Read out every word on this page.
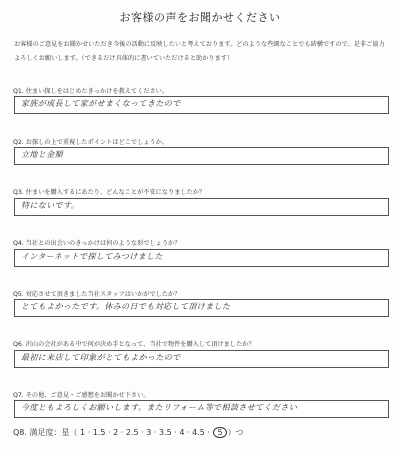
お客様の声をお聞かせください
お客様のご意見をお聞かせいただき今後の活動に反映したいと考えております。どのような些細なことでも結構ですので、是非ご協力よろしくお願いします。（できるだけ具体的に書いていただけると助かります）
Q1. 住まい探しをはじめたきっかけを教えてください。
家族が成長して家がせまくなってきたので
Q2. お探しの上で重視したポイントはどこでしょうか。
立地と金額
Q3. 住まいを購入するにあたり、どんなことが不安になりましたか？
特にないです。
Q4. 当社との出会いのきっかけは何のような形でしょうか？
インターネットで探してみつけました
Q5. 対応させて頂きました当社スタッフはいかがでしたか？
とてもよかったです。休みの日でも対応して頂けました
Q6. 沢山の会社がある中で何が決め手となって、当社で物件を購入して頂けましたか？
最初に来店して印象がとてもよかったので
Q7. その他、ご意見・ご感想をお聞かせ下さい。
今度ともよろしくお願いします。またリフォーム等で相談させてください
Q8. 満足度：星（ 1 · 1.5 · 2 · 2.5 · 3 · 3.5 · 4 · 4.5 · 5 ）つ
